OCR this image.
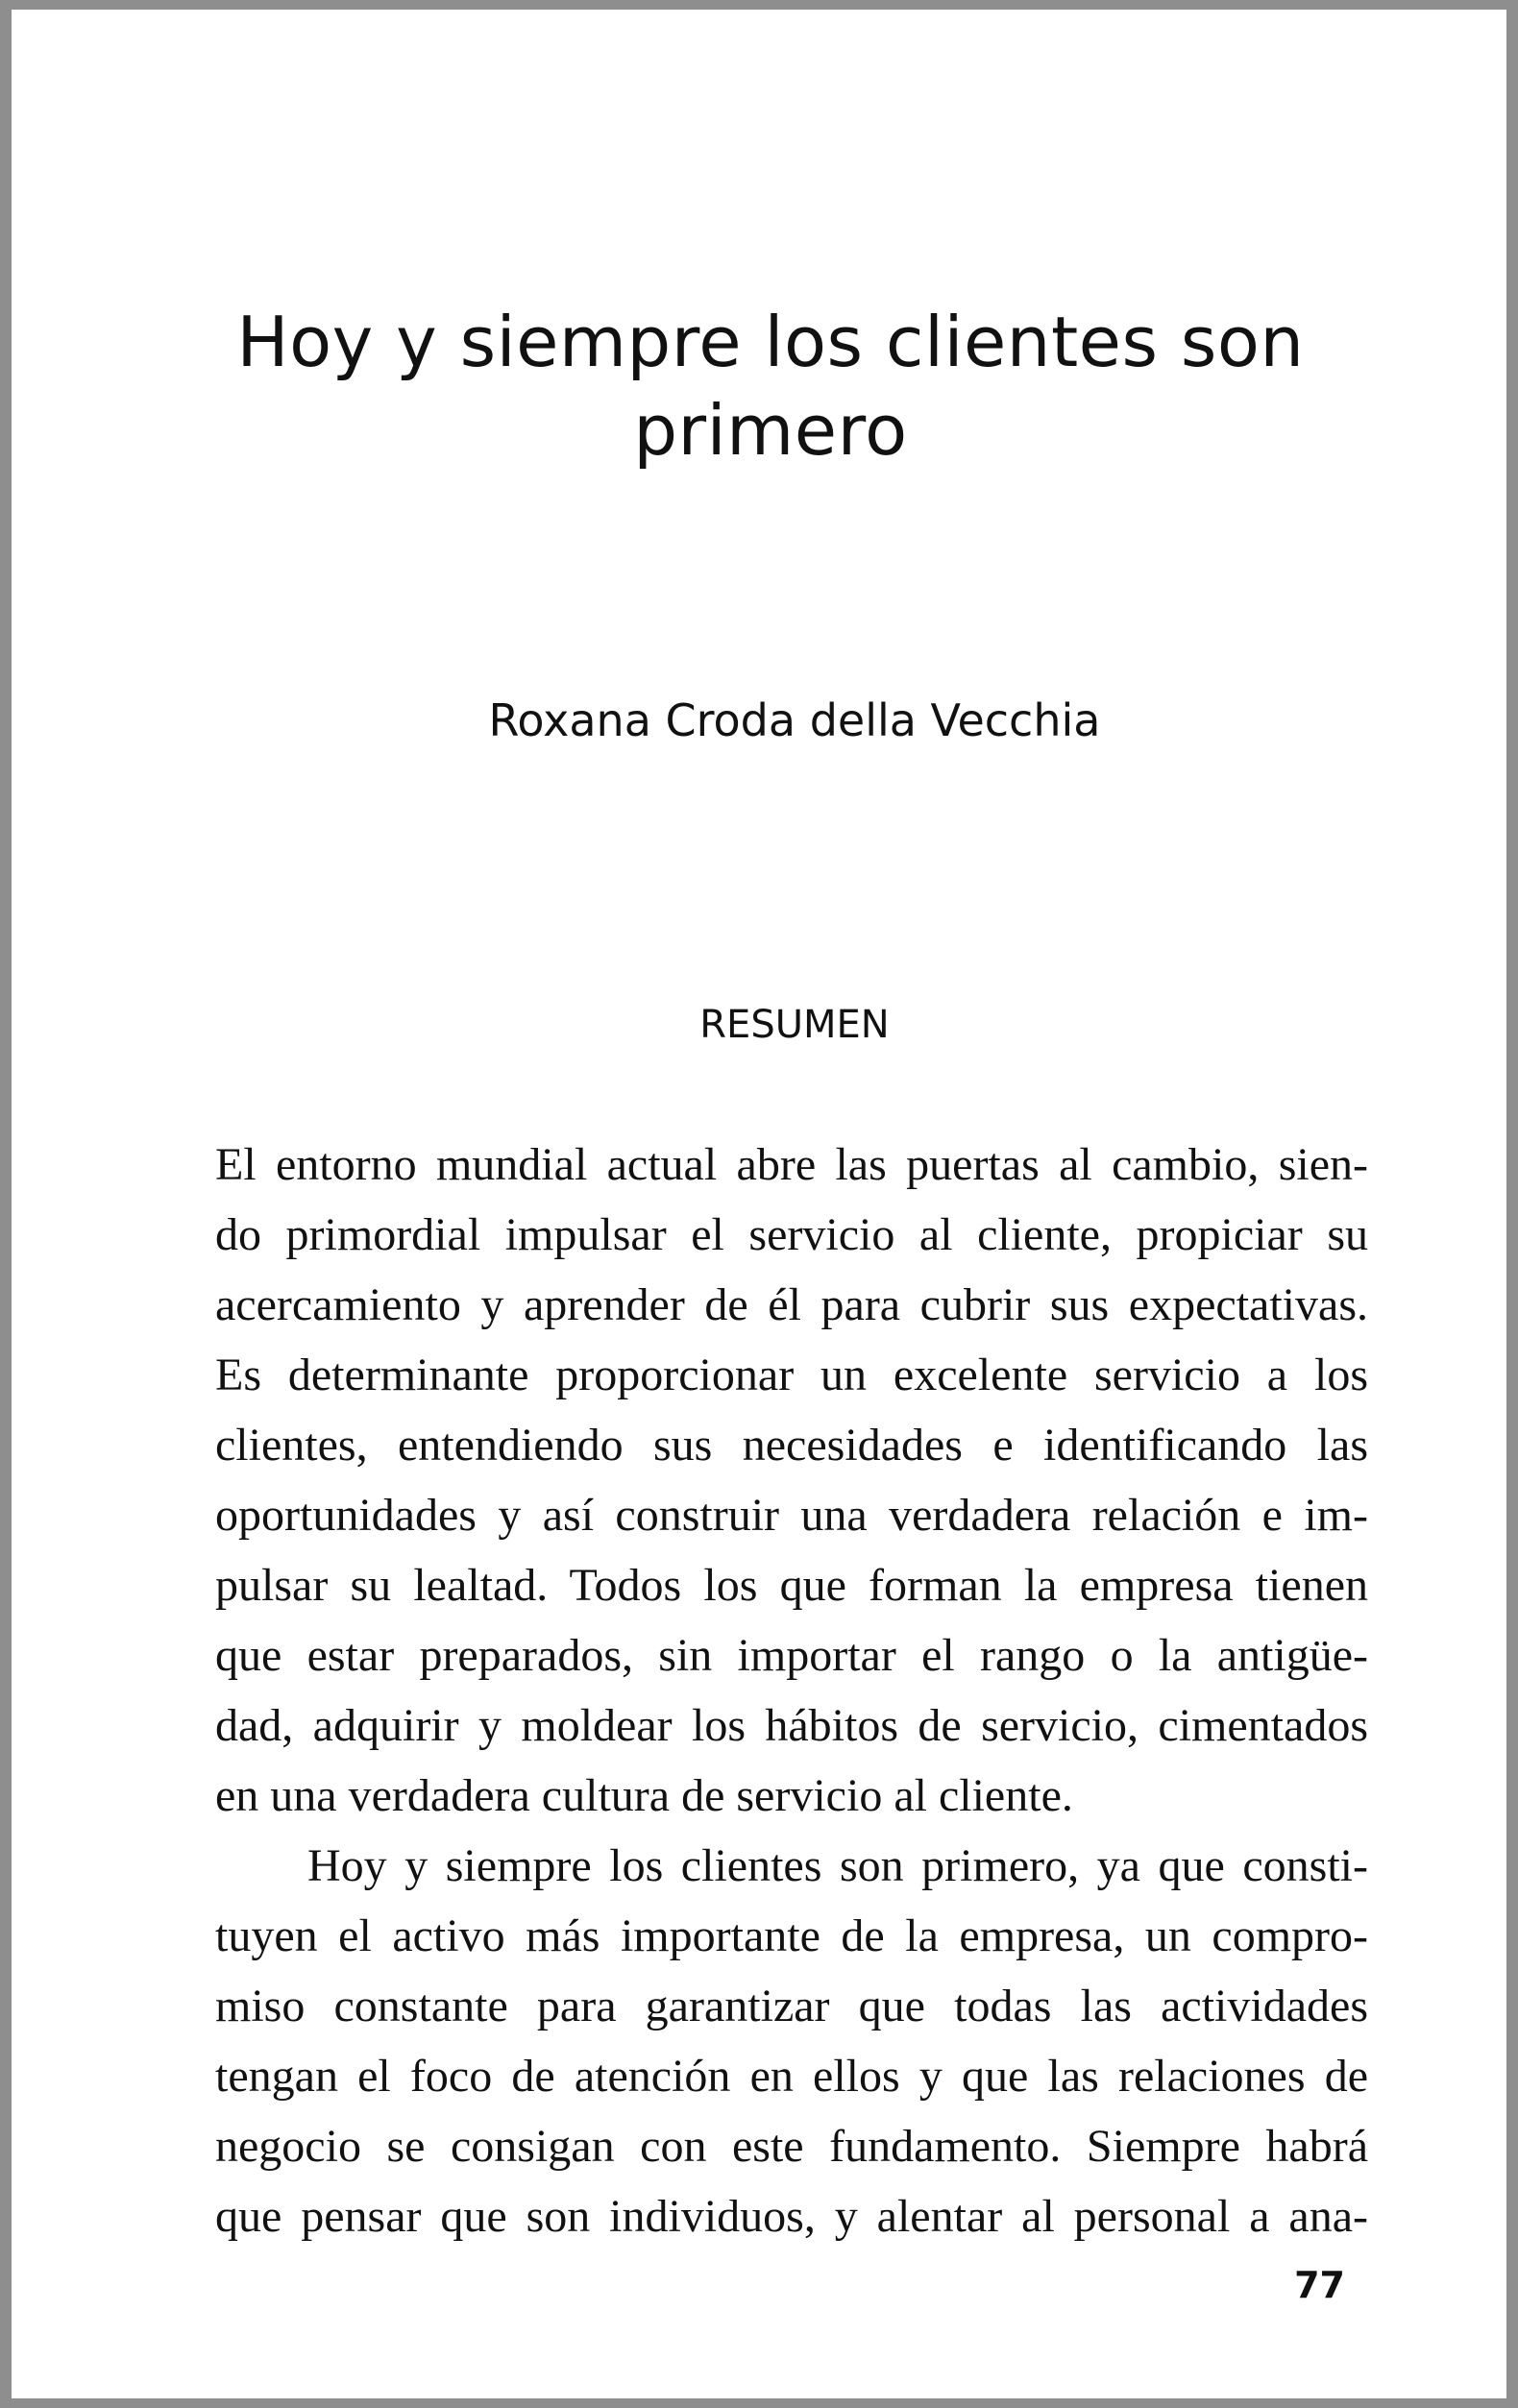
Hoy y siempre los clientes son
primero
Roxana Croda della Vecchia
RESUMEN
El entorno mundial actual abre las puertas al cambio, sien-
do primordial impulsar el servicio al cliente, propiciar su
acercamiento y aprender de él para cubrir sus expectativas.
Es determinante proporcionar un excelente servicio a los
clientes, entendiendo sus necesidades e identificando las
oportunidades y así construir una verdadera relación e im-
pulsar su lealtad. Todos los que forman la empresa tienen
que estar preparados, sin importar el rango o la antigüe-
dad, adquirir y moldear los hábitos de servicio, cimentados
en una verdadera cultura de servicio al cliente.
Hoy y siempre los clientes son primero, ya que consti-
tuyen el activo más importante de la empresa, un compro-
miso constante para garantizar que todas las actividades
tengan el foco de atención en ellos y que las relaciones de
negocio se consigan con este fundamento. Siempre habrá
que pensar que son individuos, y alentar al personal a ana-
77
